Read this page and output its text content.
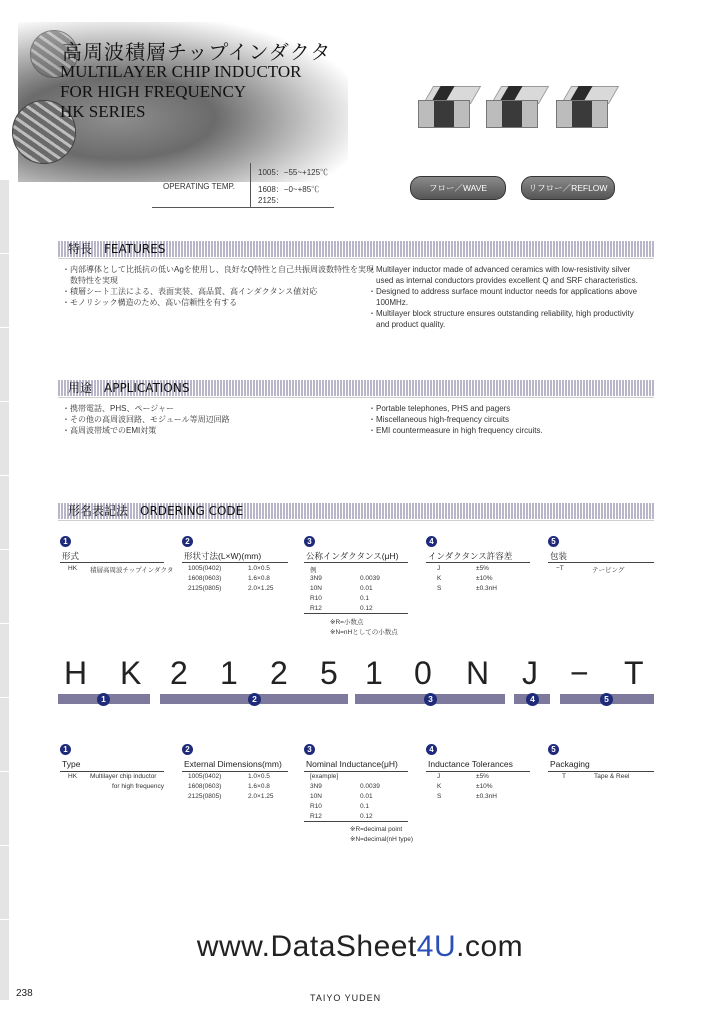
高周波積層チップインダクタ
MULTILAYER CHIP INDUCTOR
FOR HIGH FREQUENCY
HK SERIES
OPERATING TEMP.
1005：−55~+125℃
1608：−0~+85℃
2125：
フロー／WAVE	リフロー／REFLOW
特長　FEATURES
・内部導体として比抵抗の低いAgを使用し、良好なQ特性と自己共振周波数特性を実現
　数特性を実現
・積層シート工法による、表面実装、高品質、高インダクタンス値対応
・モノリシック構造のため、高い信頼性を有する
・Multilayer inductor made of advanced ceramics with low-resistivity silver
　used as internal conductors provides excellent Q and SRF characteristics.
・Designed to address surface mount inductor needs for applications above
　100MHz.
・Multilayer block structure ensures outstanding reliability, high productivity
　and product quality.
用途　APPLICATIONS
・携帯電話、PHS、ページャー
・その他の高周波回路、モジュール等周辺回路
・高周波帯域でのEMI対策
・Portable telephones, PHS and pagers
・Miscellaneous high-frequency circuits
・EMI countermeasure in high frequency circuits.
形名表記法　ORDERING CODE
1
形式
HK 積層高周波チップインダクタ
2
形状寸法(L×W)(mm)
1005(0402)	1.0×0.5
1608(0603)	1.6×0.8
2125(0805)	2.0×1.25
3
公称インダクタンス(μH)
例
3N9	0.0039
10N	0.01
R10	0.1
R12	0.12
※R=小数点
※N=nHとしての小数点
4
インダクタンス許容差
J	±5%
K	±10%
S	±0.3nH
5
包装
−T	テーピング
H K 2 1 2 5 1 0 N J − T
1	2	3	4	5
1
Type
HK Multilayer chip inductor
for high frequency
2
External Dimensions(mm)
1005(0402)	1.0×0.5
1608(0603)	1.6×0.8
2125(0805)	2.0×1.25
3
Nominal Inductance(μH)
[example]
3N9	0.0039
10N	0.01
R10	0.1
R12	0.12
※R=decimal point
※N=decimal(nH type)
4
Inductance Tolerances
J	±5%
K	±10%
S	±0.3nH
5
Packaging
T	Tape & Reel
www.DataSheet4U.com
238	TAIYO YUDEN
